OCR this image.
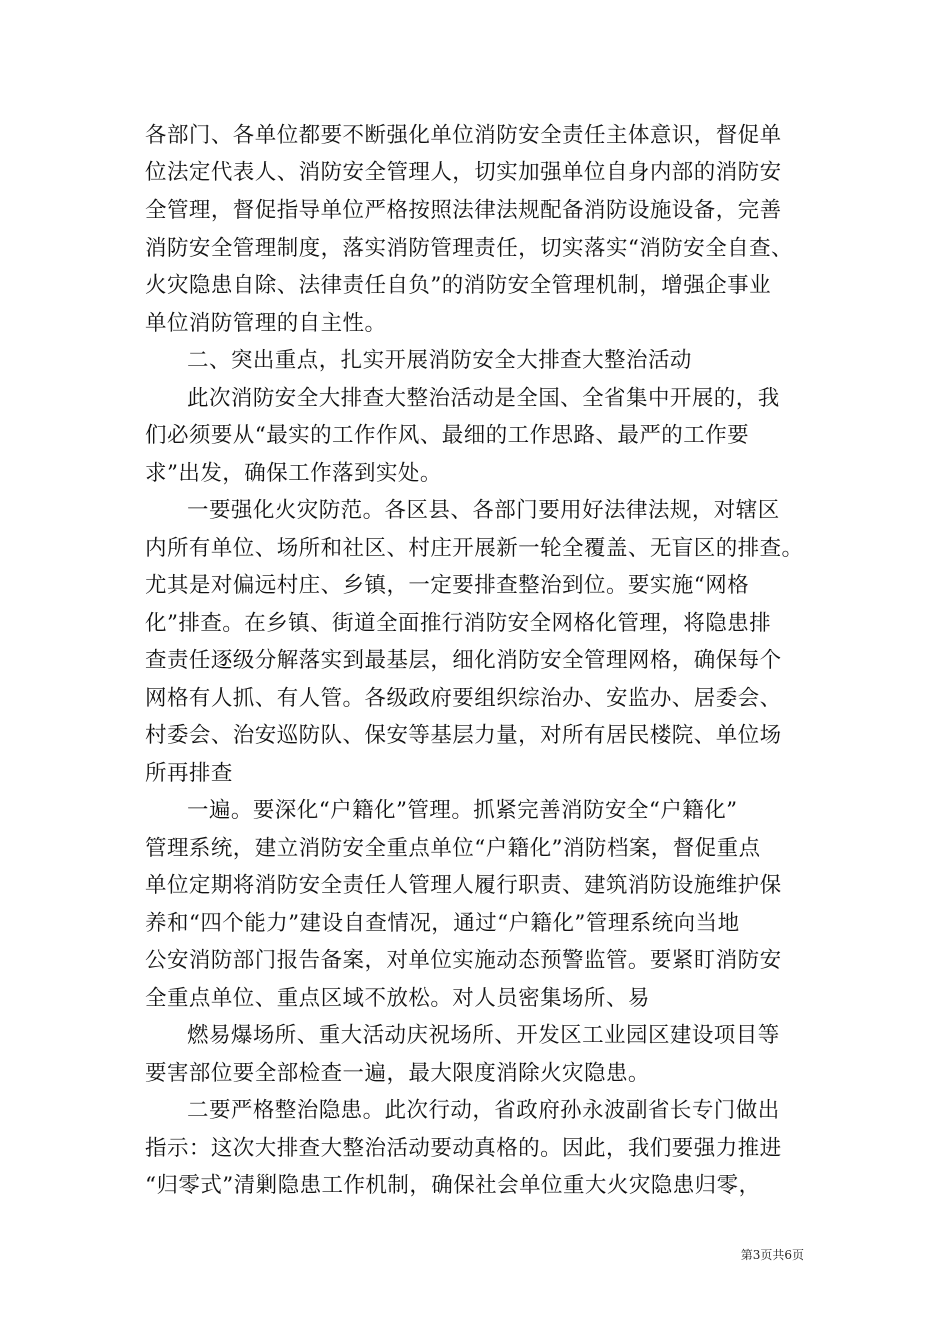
各部门、各单位都要不断强化单位消防安全责任主体意识，督促单
位法定代表人、消防安全管理人，切实加强单位自身内部的消防安
全管理，督促指导单位严格按照法律法规配备消防设施设备，完善
消防安全管理制度，落实消防管理责任，切实落实“消防安全自查、
火灾隐患自除、法律责任自负”的消防安全管理机制，增强企事业
单位消防管理的自主性。
二、突出重点，扎实开展消防安全大排查大整治活动
此次消防安全大排查大整治活动是全国、全省集中开展的，我
们必须要从“最实的工作作风、最细的工作思路、最严的工作要
求”出发，确保工作落到实处。
一要强化火灾防范。各区县、各部门要用好法律法规，对辖区
内所有单位、场所和社区、村庄开展新一轮全覆盖、无盲区的排查。
尤其是对偏远村庄、乡镇，一定要排查整治到位。要实施“网格
化”排查。在乡镇、街道全面推行消防安全网格化管理，将隐患排
查责任逐级分解落实到最基层，细化消防安全管理网格，确保每个
网格有人抓、有人管。各级政府要组织综治办、安监办、居委会、
村委会、治安巡防队、保安等基层力量，对所有居民楼院、单位场
所再排查
一遍。要深化“户籍化”管理。抓紧完善消防安全“户籍化”
管理系统，建立消防安全重点单位“户籍化”消防档案，督促重点
单位定期将消防安全责任人管理人履行职责、建筑消防设施维护保
养和“四个能力”建设自查情况，通过“户籍化”管理系统向当地
公安消防部门报告备案，对单位实施动态预警监管。要紧盯消防安
全重点单位、重点区域不放松。对人员密集场所、易
燃易爆场所、重大活动庆祝场所、开发区工业园区建设项目等
要害部位要全部检查一遍，最大限度消除火灾隐患。
二要严格整治隐患。此次行动，省政府孙永波副省长专门做出
指示：这次大排查大整治活动要动真格的。因此，我们要强力推进
“归零式”清剿隐患工作机制，确保社会单位重大火灾隐患归零，
第3页共6页
